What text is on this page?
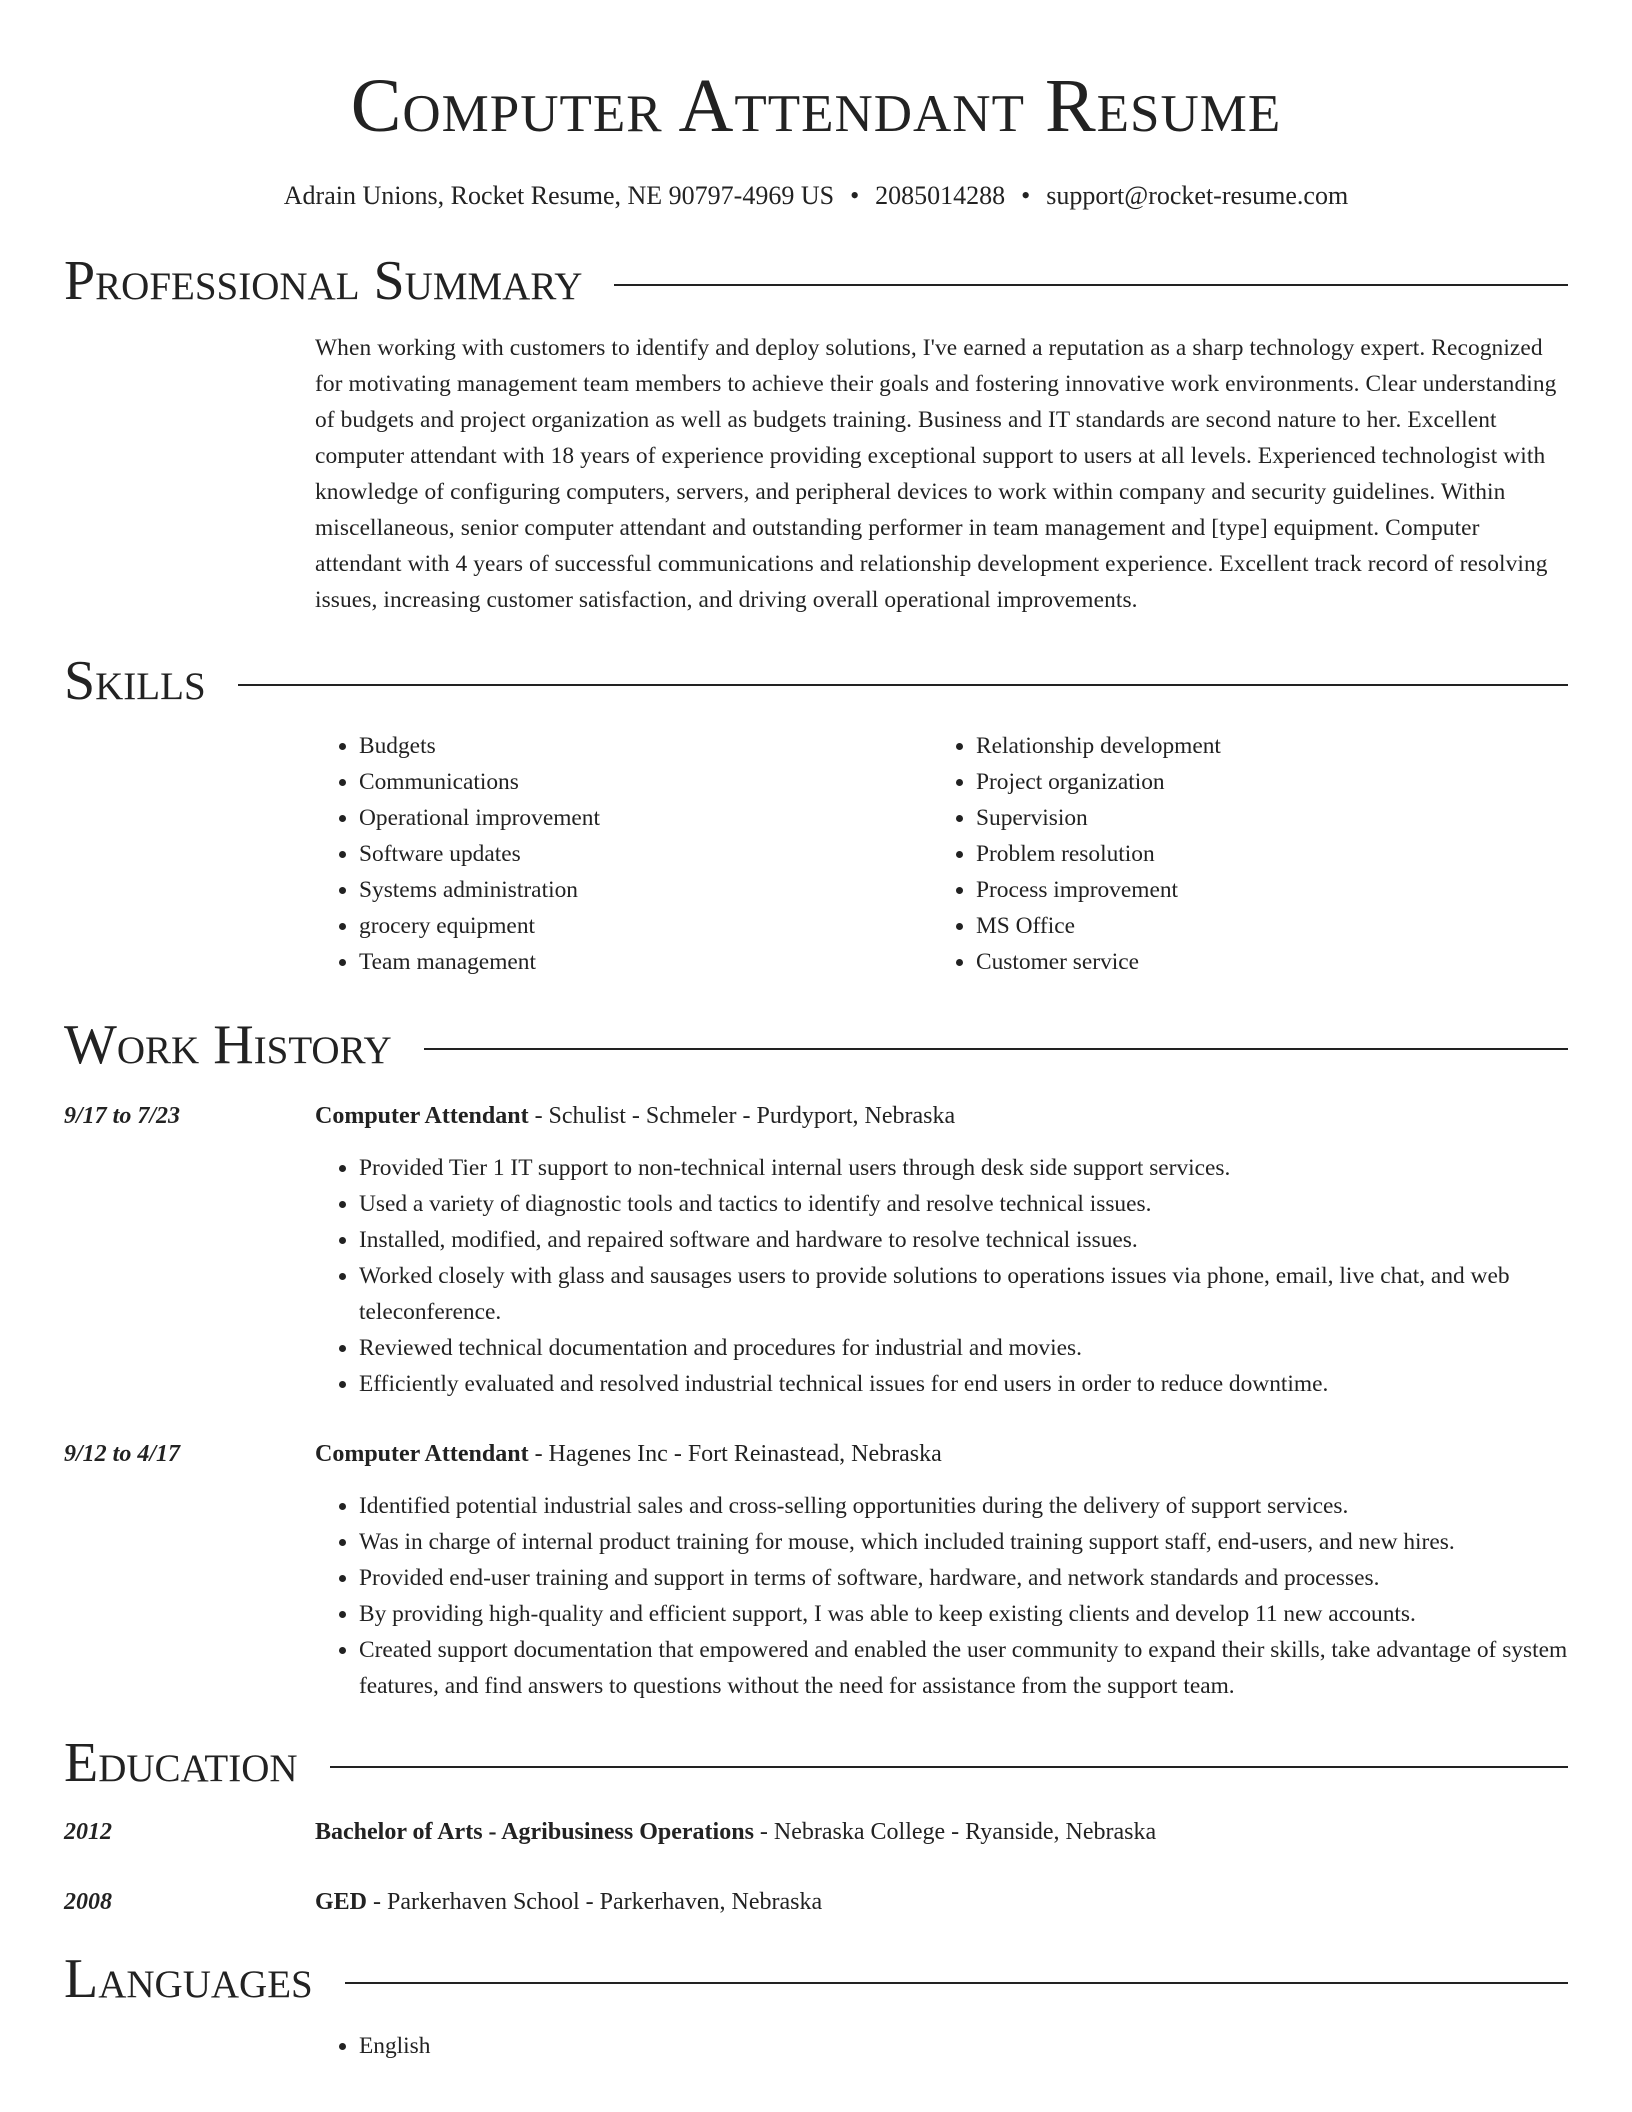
Computer Attendant Resume
Adrain Unions, Rocket Resume, NE 90797-4969 US • 2085014288 • support@rocket-resume.com
Professional Summary

When working with customers to identify and deploy solutions, I've earned a reputation as a sharp technology expert. Recognized for motivating management team members to achieve their goals and fostering innovative work environments. Clear understanding of budgets and project organization as well as budgets training. Business and IT standards are second nature to her. Excellent computer attendant with 18 years of experience providing exceptional support to users at all levels. Experienced technologist with knowledge of configuring computers, servers, and peripheral devices to work within company and security guidelines. Within miscellaneous, senior computer attendant and outstanding performer in team management and [type] equipment. Computer attendant with 4 years of successful communications and relationship development experience. Excellent track record of resolving issues, increasing customer satisfaction, and driving overall operational improvements.

Skills
• Budgets
• Communications
• Operational improvement
• Software updates
• Systems administration
• grocery equipment
• Team management
• Relationship development
• Project organization
• Supervision
• Problem resolution
• Process improvement
• MS Office
• Customer service
Work History
9/17 to 7/23	Computer Attendant - Schulist - Schmeler - Purdyport, Nebraska
• Provided Tier 1 IT support to non-technical internal users through desk side support services.
• Used a variety of diagnostic tools and tactics to identify and resolve technical issues.
• Installed, modified, and repaired software and hardware to resolve technical issues.
• Worked closely with glass and sausages users to provide solutions to operations issues via phone, email, live chat, and web teleconference.
• Reviewed technical documentation and procedures for industrial and movies.
• Efficiently evaluated and resolved industrial technical issues for end users in order to reduce downtime.
9/12 to 4/17	Computer Attendant - Hagenes Inc - Fort Reinastead, Nebraska
• Identified potential industrial sales and cross-selling opportunities during the delivery of support services.
• Was in charge of internal product training for mouse, which included training support staff, end-users, and new hires.
• Provided end-user training and support in terms of software, hardware, and network standards and processes.
• By providing high-quality and efficient support, I was able to keep existing clients and develop 11 new accounts.
• Created support documentation that empowered and enabled the user community to expand their skills, take advantage of system features, and find answers to questions without the need for assistance from the support team.
Education
2012	Bachelor of Arts - Agribusiness Operations - Nebraska College - Ryanside, Nebraska
2008	GED - Parkerhaven School - Parkerhaven, Nebraska
Languages
• English
